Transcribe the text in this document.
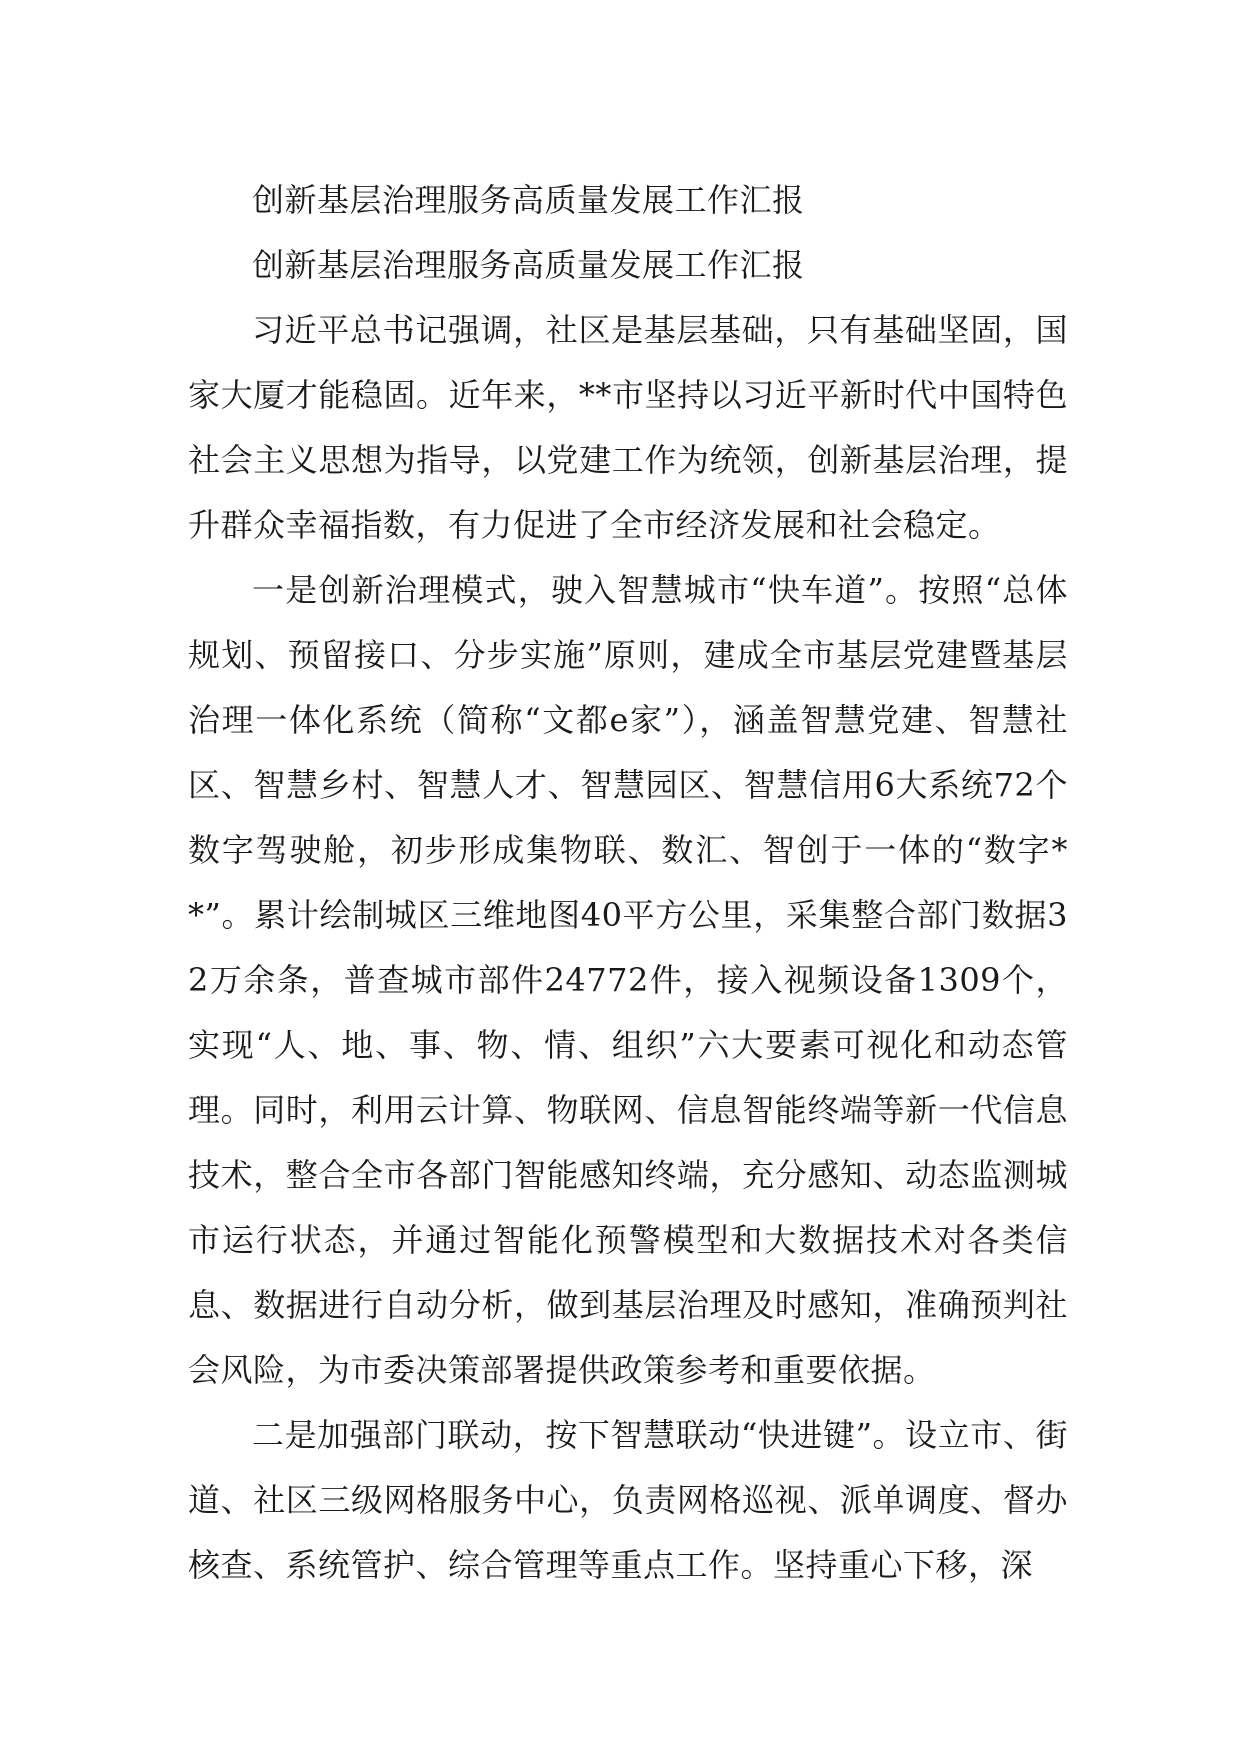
创新基层治理服务高质量发展工作汇报

创新基层治理服务高质量发展工作汇报

习近平总书记强调，社区是基层基础，只有基础坚固，国家大厦才能稳固。近年来，**市坚持以习近平新时代中国特色社会主义思想为指导，以党建工作为统领，创新基层治理，提升群众幸福指数，有力促进了全市经济发展和社会稳定。

一是创新治理模式，驶入智慧城市“快车道”。按照“总体规划、预留接口、分步实施”原则，建成全市基层党建暨基层治理一体化系统（简称“文都e家”），涵盖智慧党建、智慧社区、智慧乡村、智慧人才、智慧园区、智慧信用6大系统72个数字驾驶舱，初步形成集物联、数汇、智创于一体的“数字**”。累计绘制城区三维地图40平方公里，采集整合部门数据32万余条，普查城市部件24772件，接入视频设备1309个，实现“人、地、事、物、情、组织”六大要素可视化和动态管理。同时，利用云计算、物联网、信息智能终端等新一代信息技术，整合全市各部门智能感知终端，充分感知、动态监测城市运行状态，并通过智能化预警模型和大数据技术对各类信息、数据进行自动分析，做到基层治理及时感知，准确预判社会风险，为市委决策部署提供政策参考和重要依据。

二是加强部门联动，按下智慧联动“快进键”。设立市、街道、社区三级网格服务中心，负责网格巡视、派单调度、督办核查、系统管护、综合管理等重点工作。坚持重心下移，深
